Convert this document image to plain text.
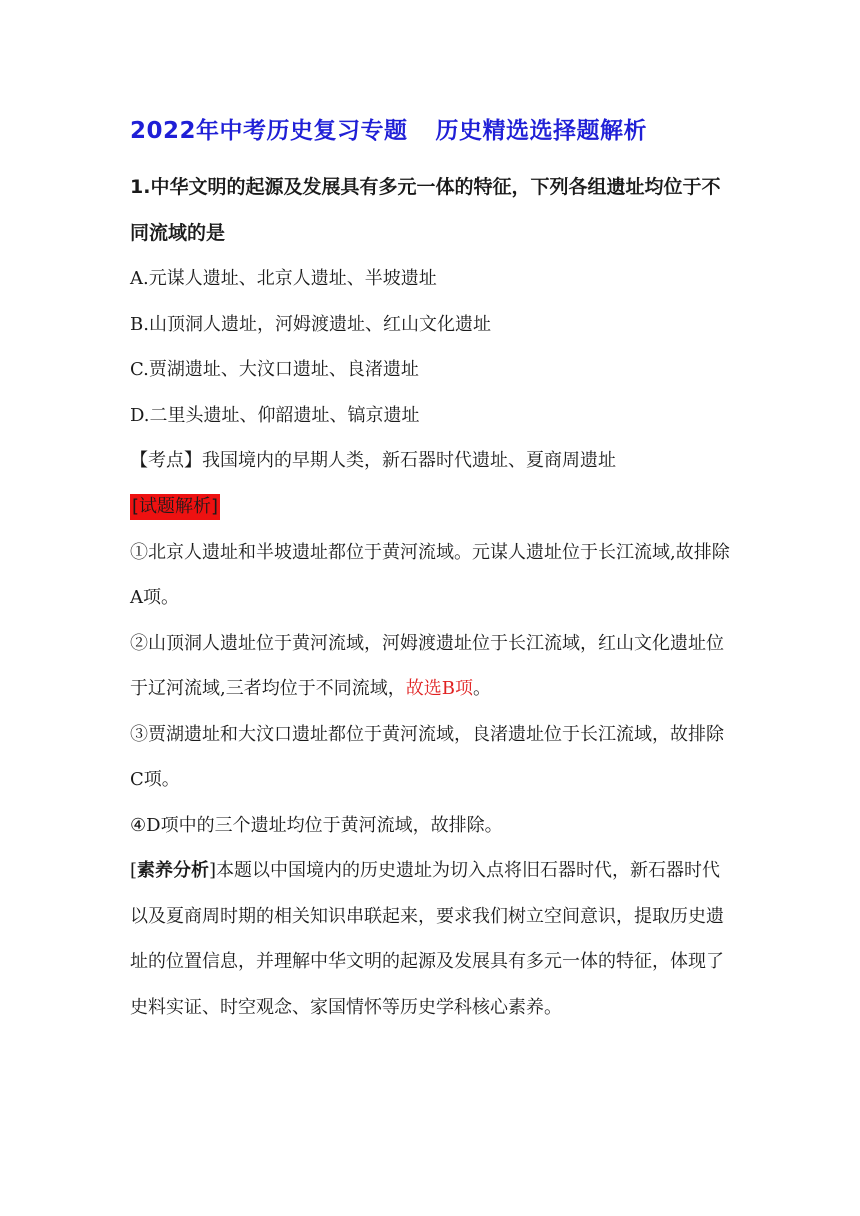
2022年中考历史复习专题 历史精选选择题解析

1.中华文明的起源及发展具有多元一体的特征，下列各组遗址均位于不同流域的是

A.元谋人遗址、北京人遗址、半坡遗址

B.山顶洞人遗址，河姆渡遗址、红山文化遗址

C.贾湖遗址、大汶口遗址、良渚遗址

D.二里头遗址、仰韶遗址、镐京遗址

【考点】我国境内的早期人类，新石器时代遗址、夏商周遗址

[试题解析]

①北京人遗址和半坡遗址都位于黄河流域。元谋人遗址位于长江流域,故排除A项。

②山顶洞人遗址位于黄河流域，河姆渡遗址位于长江流域，红山文化遗址位于辽河流域,三者均位于不同流域，故选B项。

③贾湖遗址和大汶口遗址都位于黄河流域，良渚遗址位于长江流域，故排除C项。

④D项中的三个遗址均位于黄河流域，故排除。

[素养分析]本题以中国境内的历史遗址为切入点将旧石器时代，新石器时代以及夏商周时期的相关知识串联起来，要求我们树立空间意识，提取历史遗址的位置信息，并理解中华文明的起源及发展具有多元一体的特征，体现了史料实证、时空观念、家国情怀等历史学科核心素养。
